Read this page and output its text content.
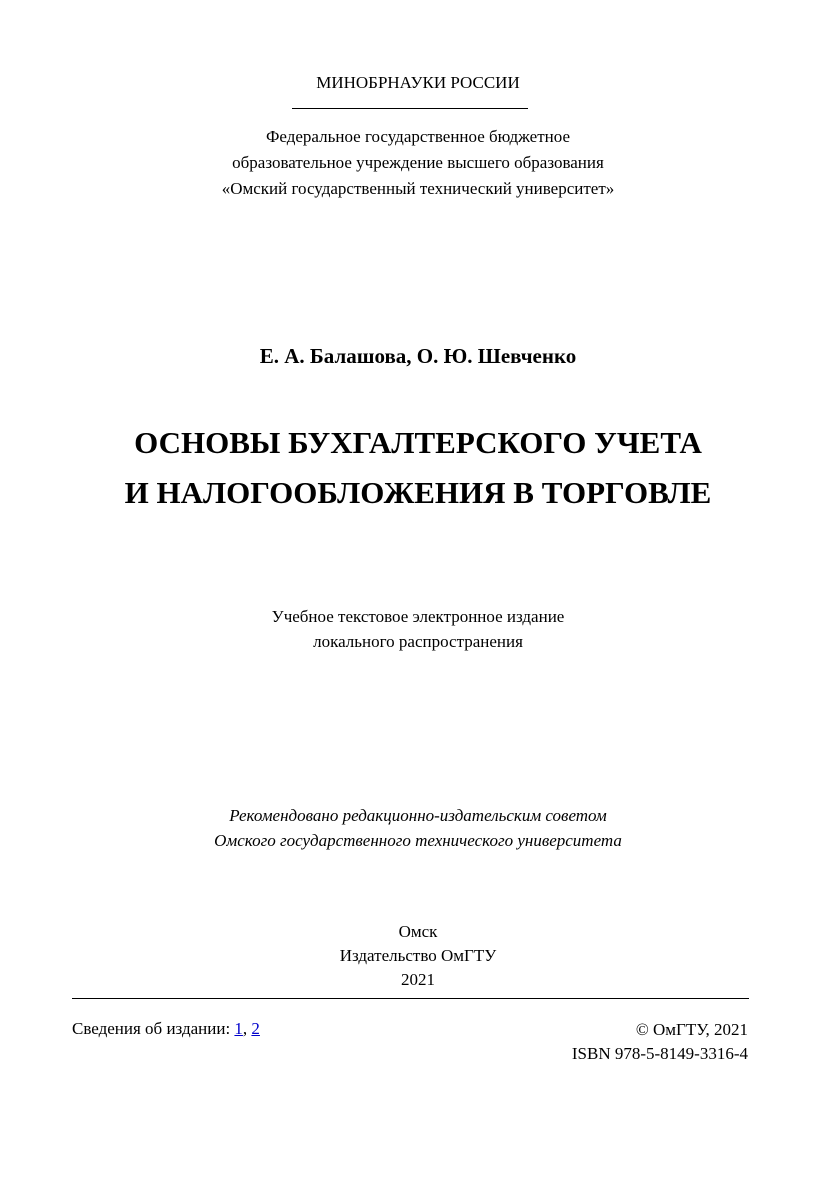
МИНОБРНАУКИ РОССИИ
Федеральное государственное бюджетное
образовательное учреждение высшего образования
«Омский государственный технический университет»
Е. А. Балашова, О. Ю. Шевченко
ОСНОВЫ БУХГАЛТЕРСКОГО УЧЕТА
И НАЛОГООБЛОЖЕНИЯ В ТОРГОВЛЕ
Учебное текстовое электронное издание
локального распространения
Рекомендовано редакционно-издательским советом
Омского государственного технического университета
Омск
Издательство ОмГТУ
2021
Сведения об издании: 1, 2	© ОмГТУ, 2021
ISBN 978-5-8149-3316-4
